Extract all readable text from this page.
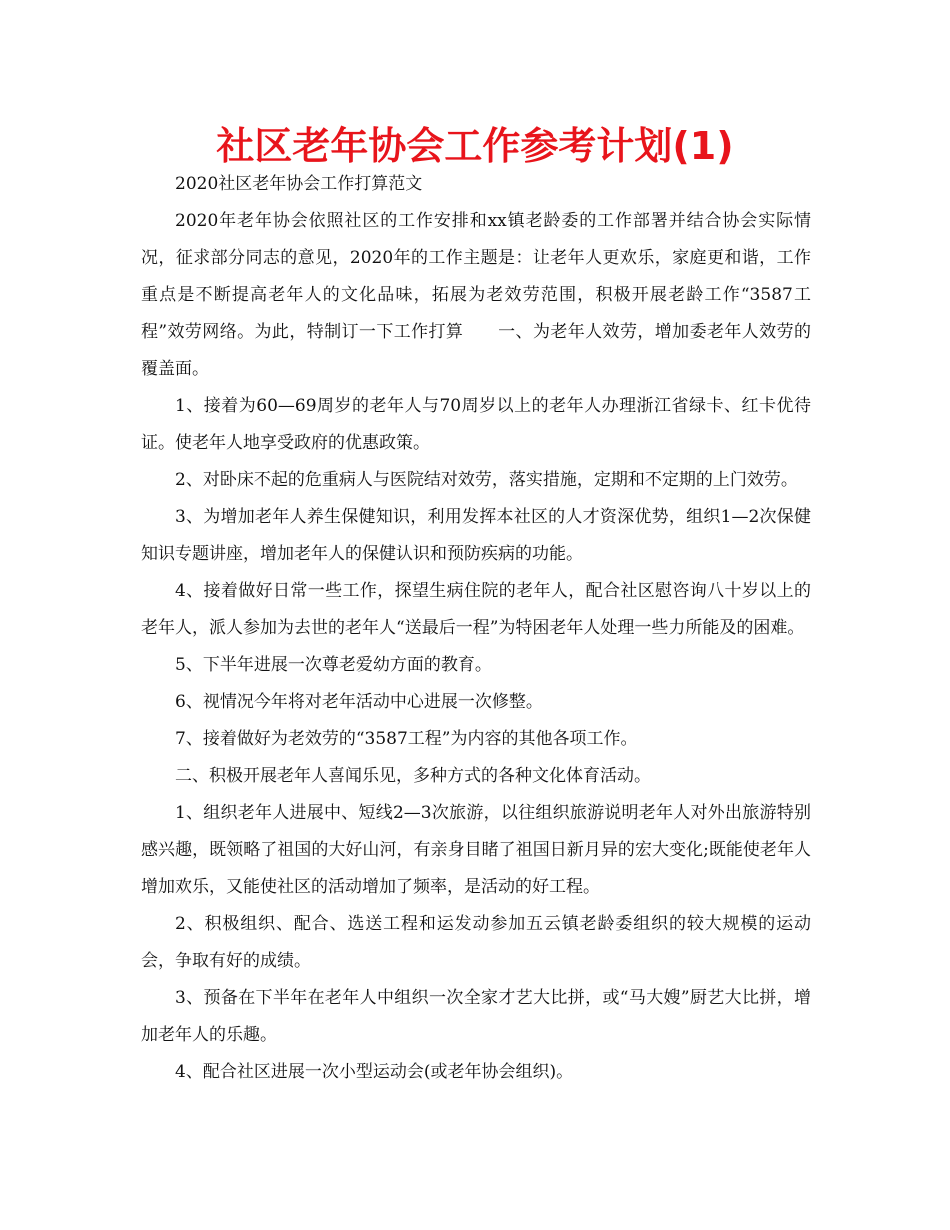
社区老年协会工作参考计划(1)

2020社区老年协会工作打算范文

2020年老年协会依照社区的工作安排和xx镇老龄委的工作部署并结合协会实际情况，征求部分同志的意见，2020年的工作主题是：让老年人更欢乐，家庭更和谐，工作重点是不断提高老年人的文化品味，拓展为老效劳范围，积极开展老龄工作“3587工程”效劳网络。为此，特制订一下工作打算　　一、为老年人效劳，增加委老年人效劳的覆盖面。

1、接着为60—69周岁的老年人与70周岁以上的老年人办理浙江省绿卡、红卡优待证。使老年人地享受政府的优惠政策。

2、对卧床不起的危重病人与医院结对效劳，落实措施，定期和不定期的上门效劳。

3、为增加老年人养生保健知识，利用发挥本社区的人才资深优势，组织1—2次保健知识专题讲座，增加老年人的保健认识和预防疾病的功能。

4、接着做好日常一些工作，探望生病住院的老年人，配合社区慰咨询八十岁以上的老年人，派人参加为去世的老年人“送最后一程”为特困老年人处理一些力所能及的困难。

5、下半年进展一次尊老爱幼方面的教育。

6、视情况今年将对老年活动中心进展一次修整。

7、接着做好为老效劳的“3587工程”为内容的其他各项工作。

二、积极开展老年人喜闻乐见，多种方式的各种文化体育活动。

1、组织老年人进展中、短线2—3次旅游，以往组织旅游说明老年人对外出旅游特别感兴趣，既领略了祖国的大好山河，有亲身目睹了祖国日新月异的宏大变化;既能使老年人增加欢乐，又能使社区的活动增加了频率，是活动的好工程。

2、积极组织、配合、选送工程和运发动参加五云镇老龄委组织的较大规模的运动会，争取有好的成绩。

3、预备在下半年在老年人中组织一次全家才艺大比拼，或“马大嫂”厨艺大比拼，增加老年人的乐趣。

4、配合社区进展一次小型运动会(或老年协会组织)。
